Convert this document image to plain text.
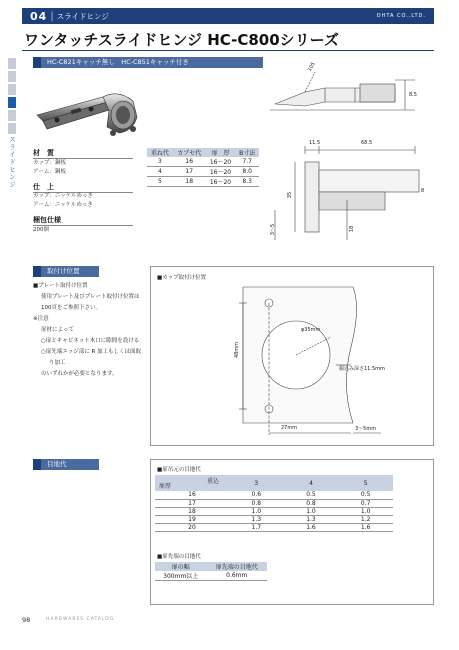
04 | スライドヒンジ	OHTA CO.,LTD.
ワンタッチスライドヒンジ HC-C800シリーズ
スライドヒンジ
HC-C821キャッチ無し　HC-C851キャッチ付き	105
8.5
11.5	68.5
35
8
3～5	18
材　質
カップ：鋼板
アーム：鋼板
仕　上
カップ：ニッケルめっき
アーム：ニッケルめっき
梱包仕様
200個
重ね代	カブセ代	扉　厚	B寸法
3	16	16～20	7.7
4	17	16～20	8.0
5	18	16～20	8.3
取付け位置
■プレート取付け位置
使用プレート及びプレート取付け位置は
100頁をご参照下さい。
※注意
扉材によって
○扉とキャビネット木口に隙間を設ける
○扉先端エッジ部に R 加工もしくは面取
り加工
のいずれかが必要となります。
■カップ取付け位置
φ35mm
掘込み深さ11.5mm
48mm
27mm	3～5mm
目地代
■扉吊元の目地代
重込
扉厚	3	4	5
16	0.6	0.5	0.5
17	0.8	0.8	0.7
18	1.0	1.0	1.0
19	1.3	1.3	1.2
20	1.7	1.6	1.6
■扉先端の目地代
扉の幅	扉先端の目地代
300mm以上	0.6mm
98	HARDWARES CATALOG
